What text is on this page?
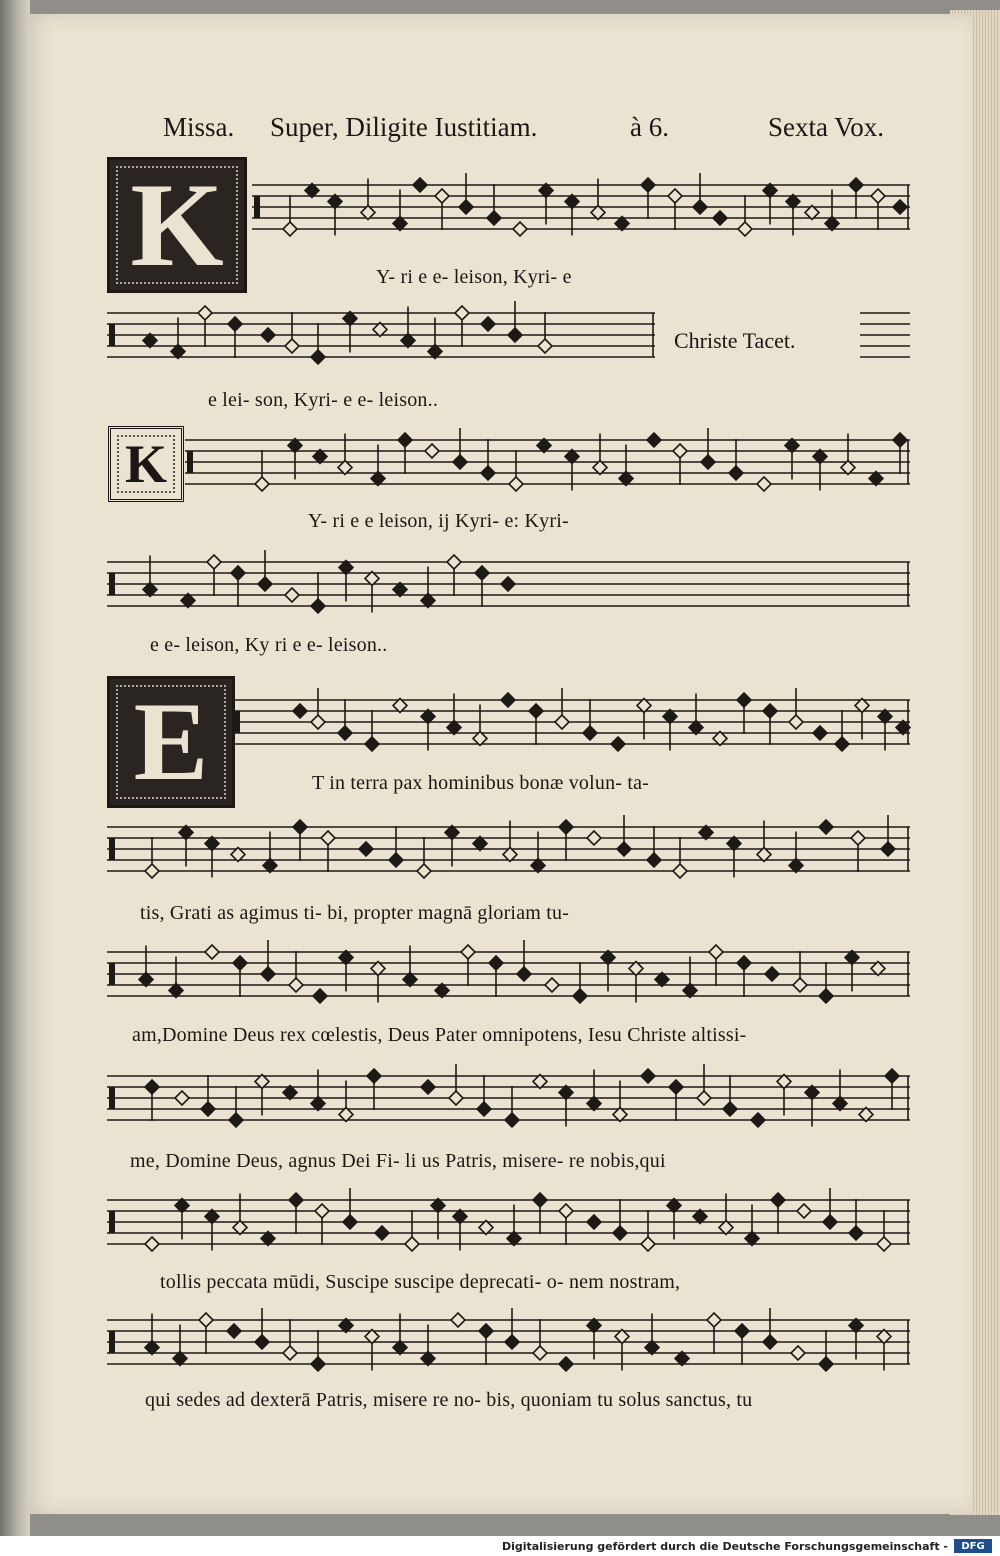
Missa. Super, Diligite Iustitiam.	à 6.	Sexta Vox.
K
K
E
Y- ri e e- leison, Kyri- e
e lei- son, Kyri- e e- leison..
Y- ri e e leison, ij Kyri- e: Kyri-
e e- leison, Ky ri e e- leison..
T in terra pax hominibus bonæ volun- ta-
tis, Grati as agimus ti- bi, propter magnā gloriam tu-
am,Domine Deus rex cœlestis, Deus Pater omnipotens, Iesu Christe altissi-
me, Domine Deus, agnus Dei Fi- li us Patris, misere- re nobis,qui
tollis peccata mūdi, Suscipe suscipe deprecati- o- nem nostram,
qui sedes ad dexterā Patris, misere re no- bis, quoniam tu solus sanctus, tu
Christe Tacet.
Digitalisierung gefördert durch die Deutsche Forschungsgemeinschaft -	DFG
